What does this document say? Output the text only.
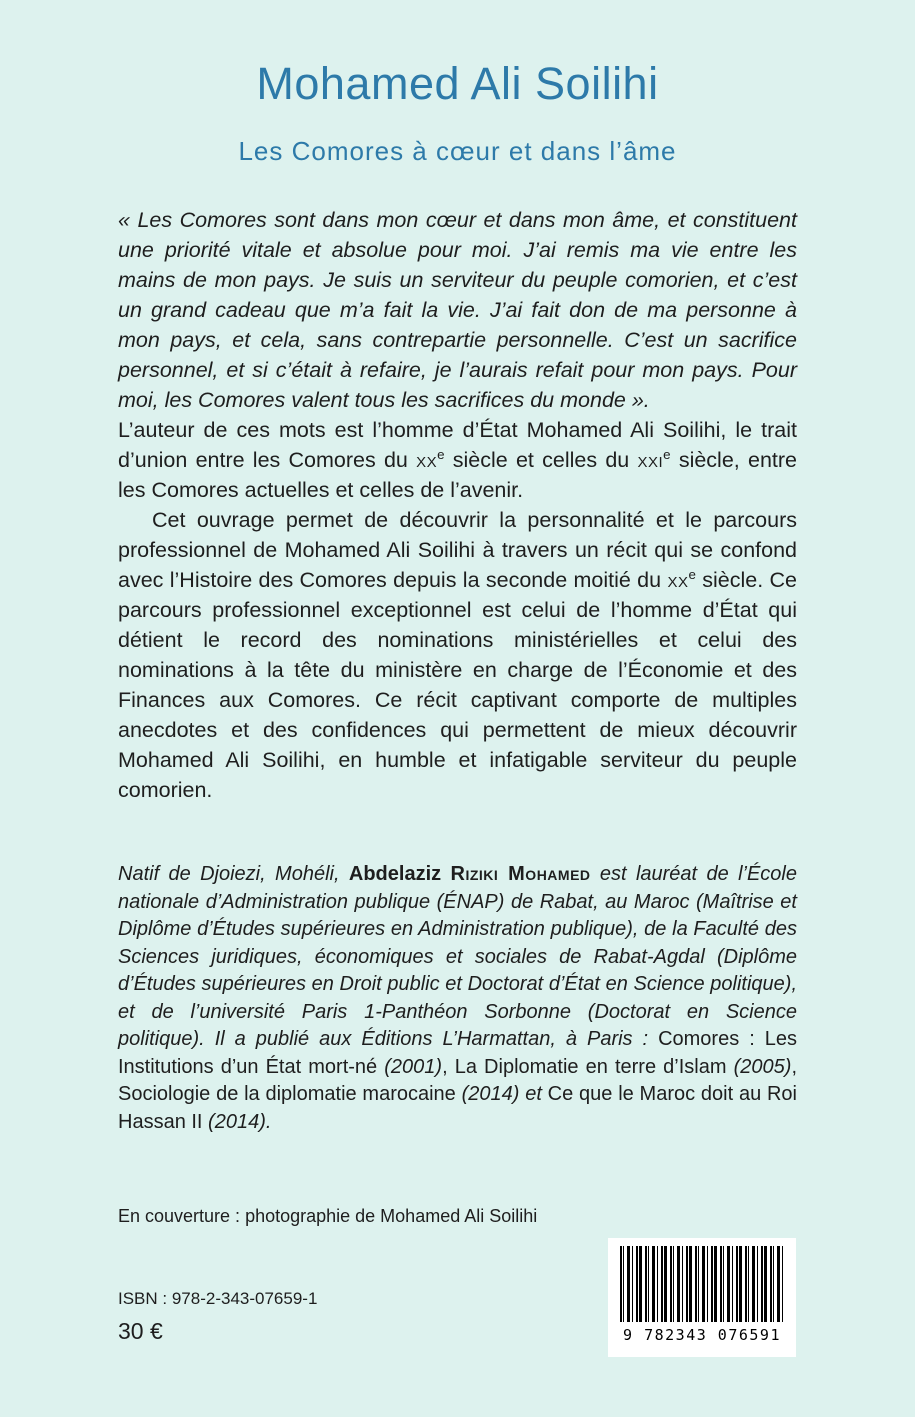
Mohamed Ali Soilihi
Les Comores à cœur et dans l’âme

« Les Comores sont dans mon cœur et dans mon âme, et constituent une priorité vitale et absolue pour moi. J’ai remis ma vie entre les mains de mon pays. Je suis un serviteur du peuple comorien, et c’est un grand cadeau que m’a fait la vie. J’ai fait don de ma personne à mon pays, et cela, sans contrepartie personnelle. C’est un sacrifice personnel, et si c’était à refaire, je l’aurais refait pour mon pays. Pour moi, les Comores valent tous les sacrifices du monde ».

L’auteur de ces mots est l’homme d’État Mohamed Ali Soilihi, le trait d’union entre les Comores du $xx^e$ siècle et celles du xxi$^e$ siècle, entre les Comores actuelles et celles de l’avenir.

Cet ouvrage permet de découvrir la personnalité et le parcours professionnel de Mohamed Ali Soilihi à travers un récit qui se confond avec l’Histoire des Comores depuis la seconde moitié du $xx^e$ siècle. Ce parcours professionnel exceptionnel est celui de l’homme d’État qui détient le record des nominations ministérielles et celui des nominations à la tête du ministère en charge de l’Économie et des Finances aux Comores. Ce récit captivant comporte de multiples anecdotes et des confidences qui permettent de mieux découvrir Mohamed Ali Soilihi, en humble et infatigable serviteur du peuple comorien.

Natif de Djoiezi, Mohéli, Abdelaziz Riziki Mohamed est lauréat de l’École nationale d’Administration publique (ÉNAP) de Rabat, au Maroc (Maîtrise et Diplôme d’Études supérieures en Administration publique), de la Faculté des Sciences juridiques, économiques et sociales de Rabat-Agdal (Diplôme d’Études supérieures en Droit public et Doctorat d’État en Science politique), et de l’université Paris 1-Panthéon Sorbonne (Doctorat en Science politique). Il a publié aux Éditions L’Harmattan, à Paris : Comores : Les Institutions d’un État mort-né (2001), La Diplomatie en terre d’Islam (2005), Sociologie de la diplomatie marocaine (2014) et Ce que le Maroc doit au Roi Hassan II (2014).
En couverture : photographie de Mohamed Ali Soilihi
ISBN : 978-2-343-07659-1
30 €	9 782343 076591
